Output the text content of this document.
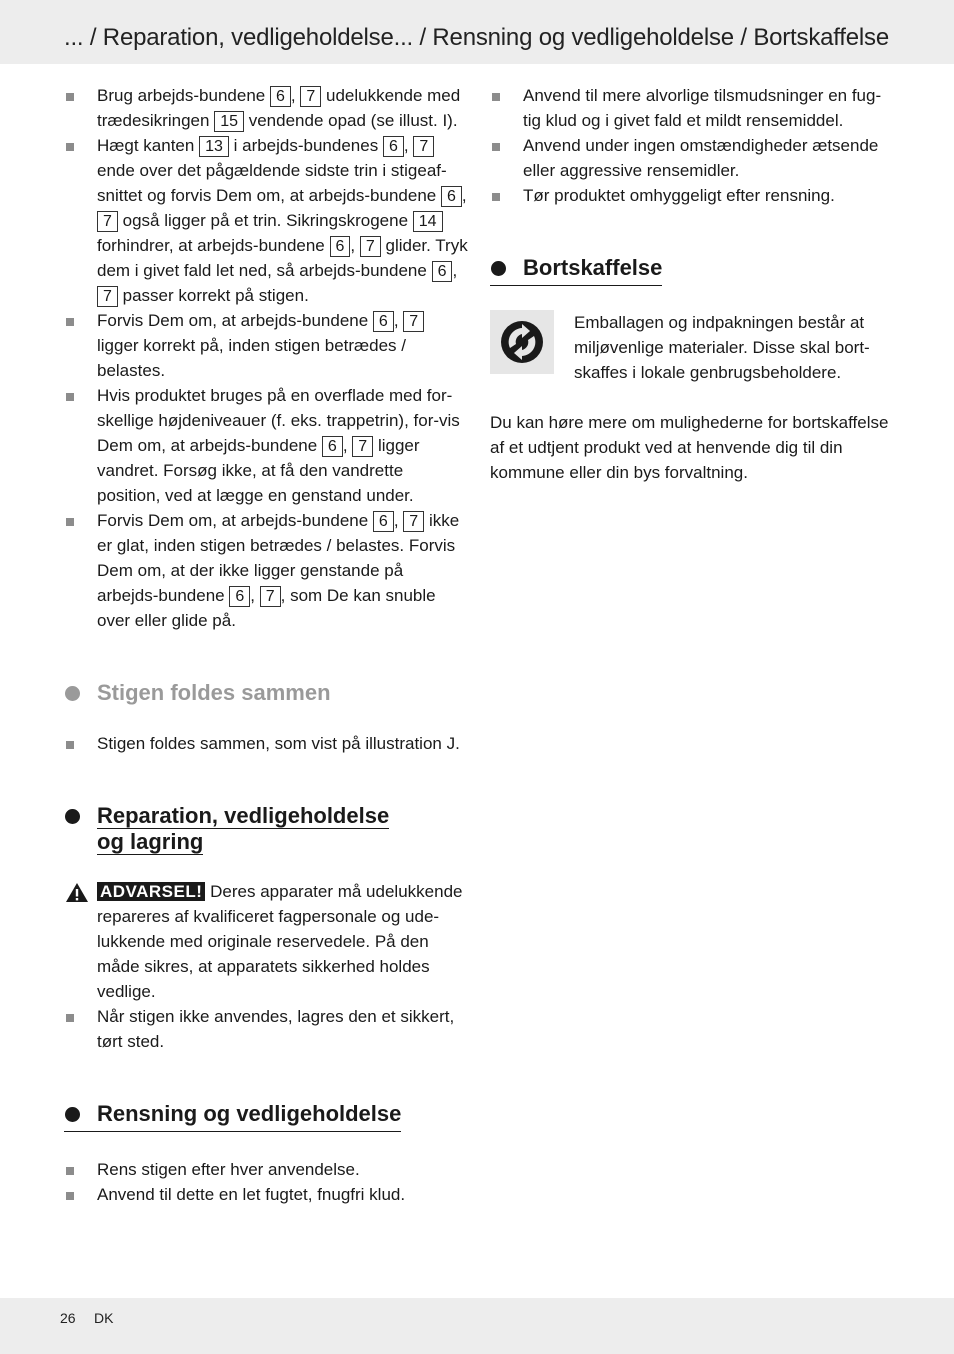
... / Reparation, vedligeholdelse... / Rensning og vedligeholdelse / Bortskaffelse
Brug arbejds-bundene 6 , 7 udelukkende med trædesikringen 15 vendende opad (se illust. I).
Hægt kanten 13 i arbejds-bundenes 6 , 7 ende over det pågældende sidste trin i stigeaf-snittet og forvis Dem om, at arbejds-bundene 6 , 7 også ligger på et trin. Sikringskrogene 14 forhindrer, at arbejds-bundene 6 , 7 glider. Tryk dem i givet fald let ned, så arbejds-bundene 6 , 7 passer korrekt på stigen.
Forvis Dem om, at arbejds-bundene 6 , 7 ligger korrekt på, inden stigen betrædes / belastes.
Hvis produktet bruges på en overflade med for-skellige højdeniveauer (f. eks. trappetrin), for-vis Dem om, at arbejds-bundene 6 , 7 ligger vandret. Forsøg ikke, at få den vandrette position, ved at lægge en genstand under.
Forvis Dem om, at arbejds-bundene 6 , 7 ikke er glat, inden stigen betrædes / belastes. Forvis Dem om, at der ikke ligger genstande på arbejds-bundene 6 , 7 , som De kan snuble over eller glide på.
Stigen foldes sammen
Stigen foldes sammen, som vist på illustration J.
Reparation, vedligeholdelse
og lagring
ADVARSEL! Deres apparater må udelukkende repareres af kvalificeret fagpersonale og ude-lukkende med originale reservedele. På den måde sikres, at apparatets sikkerhed holdes vedlige.
Når stigen ikke anvendes, lagres den et sikkert, tørt sted.
Rensning og vedligeholdelse
Rens stigen efter hver anvendelse.
Anvend til dette en let fugtet, fnugfri klud.
Anvend til mere alvorlige tilsmudsninger en fug-tig klud og i givet fald et mildt rensemiddel.
Anvend under ingen omstændigheder ætsende eller aggressive rensemidler.
Tør produktet omhyggeligt efter rensning.
Bortskaffelse
Emballagen og indpakningen består at miljøvenlige materialer. Disse skal bort-skaffes i lokale genbrugsbeholdere.
Du kan høre mere om mulighederne for bortskaffelse af et udtjent produkt ved at henvende dig til din kommune eller din bys forvaltning.
26 DK
